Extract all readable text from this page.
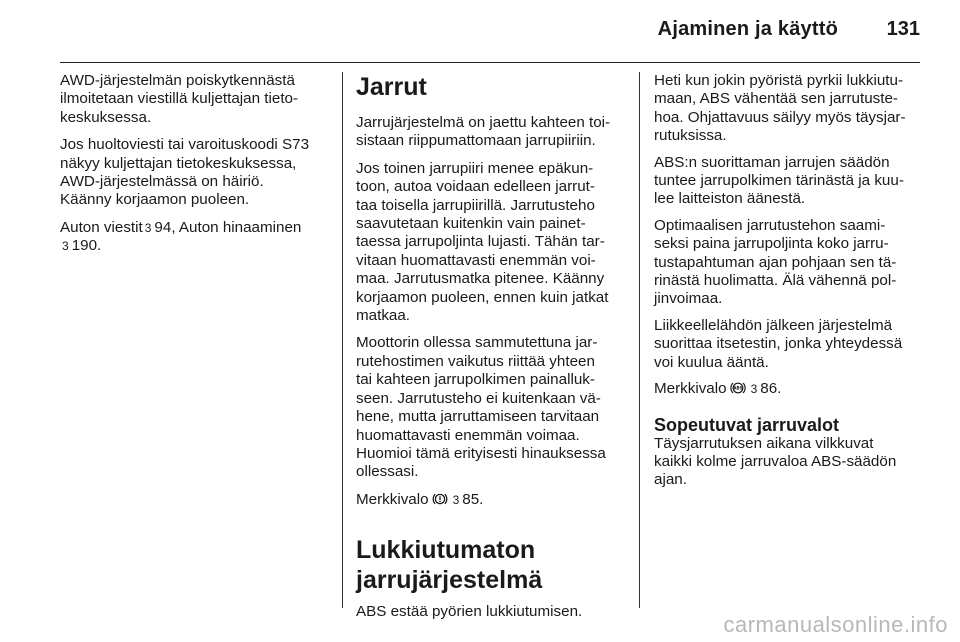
Ajaminen ja käyttö 131

AWD-järjestelmän poiskytkennästä
ilmoitetaan viestillä kuljettajan tieto-
keskuksessa.

Jos huoltoviesti tai varoituskoodi S73
näkyy kuljettajan tietokeskuksessa,
AWD-järjestelmässä on häiriö.
Käänny korjaamon puoleen.

Auton viestit 3 94, Auton hinaaminen
3 190.

Jarrut

Jarrujärjestelmä on jaettu kahteen toi-
sistaan riippumattomaan jarrupiiriin.

Jos toinen jarrupiiri menee epäkun-
toon, autoa voidaan edelleen jarrut-
taa toisella jarrupiirillä. Jarrutusteho
saavutetaan kuitenkin vain painet-
taessa jarrupoljinta lujasti. Tähän tar-
vitaan huomattavasti enemmän voi-
maa. Jarrutusmatka pitenee. Käänny
korjaamon puoleen, ennen kuin jatkat
matkaa.

Moottorin ollessa sammutettuna jar-
rutehostimen vaikutus riittää yhteen
tai kahteen jarrupolkimen painalluk-
seen. Jarrutusteho ei kuitenkaan vä-
hene, mutta jarruttamiseen tarvitaan
huomattavasti enemmän voimaa.
Huomioi tämä erityisesti hinauksessa
ollessasi.

Merkkivalo 3 85.

Lukkiutumaton
jarrujärjestelmä

ABS estää pyörien lukkiutumisen.

Heti kun jokin pyöristä pyrkii lukkiutu-
maan, ABS vähentää sen jarrutuste-
hoa. Ohjattavuus säilyy myös täysjar-
rutuksissa.

ABS:n suorittaman jarrujen säädön
tuntee jarrupolkimen tärinästä ja kuu-
lee laitteiston äänestä.

Optimaalisen jarrutustehon saami-
seksi paina jarrupoljinta koko jarru-
tustapahtuman ajan pohjaan sen tä-
rinästä huolimatta. Älä vähennä pol-
jinvoimaa.

Liikkeellelähdön jälkeen järjestelmä
suorittaa itsetestin, jonka yhteydessä
voi kuulua ääntä.

Merkkivalo ABS 3 86.

Sopeutuvat jarruvalot

Täysjarrutuksen aikana vilkkuvat
kaikki kolme jarruvaloa ABS-säädön
ajan.

carmanualsonline.info
